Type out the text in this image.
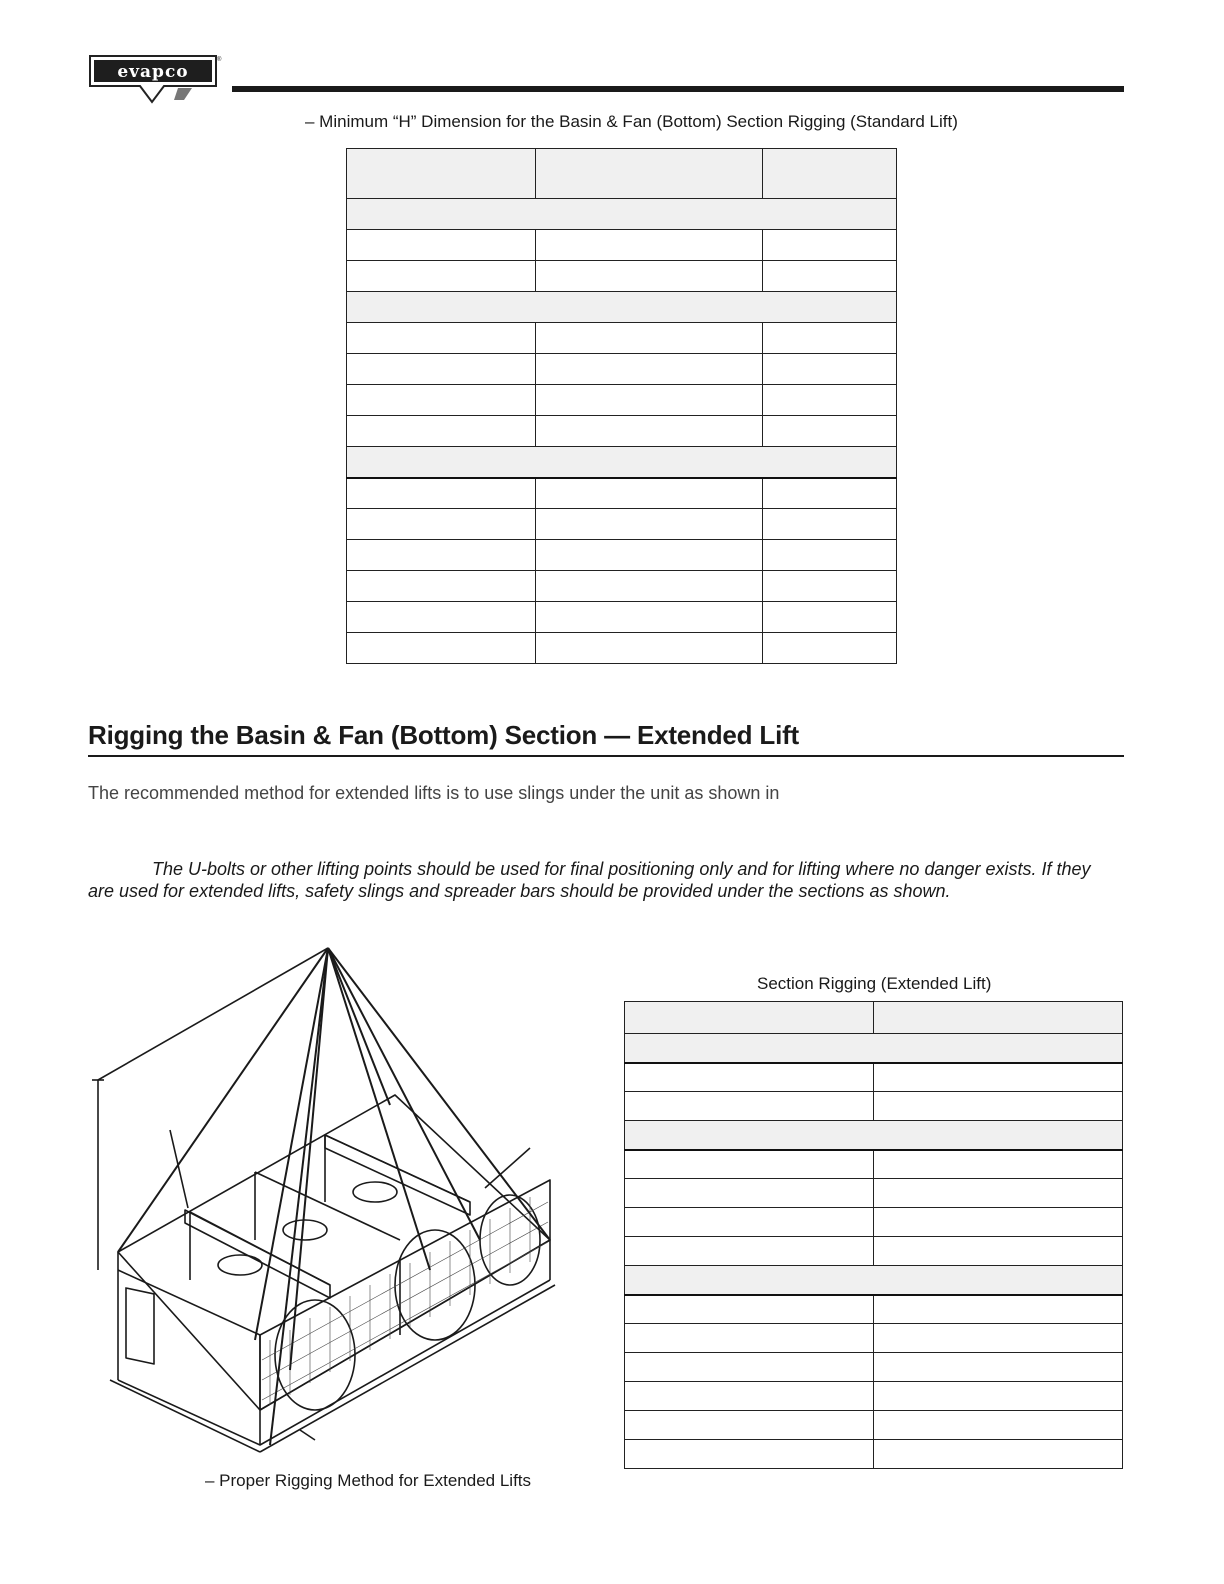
evapco
®
– Minimum “H” Dimension for the Basin & Fan (Bottom) Section Rigging (Standard Lift)

Rigging the Basin & Fan (Bottom) Section — Extended Lift
The recommended method for extended lifts is to use slings under the unit as shown in

The U-bolts or other lifting points should be used for final positioning only and for lifting where no danger exists. If they are used for extended lifts, safety slings and spreader bars should be provided under the sections as shown.

Section Rigging (Extended Lift)

– Proper Rigging Method for Extended Lifts
